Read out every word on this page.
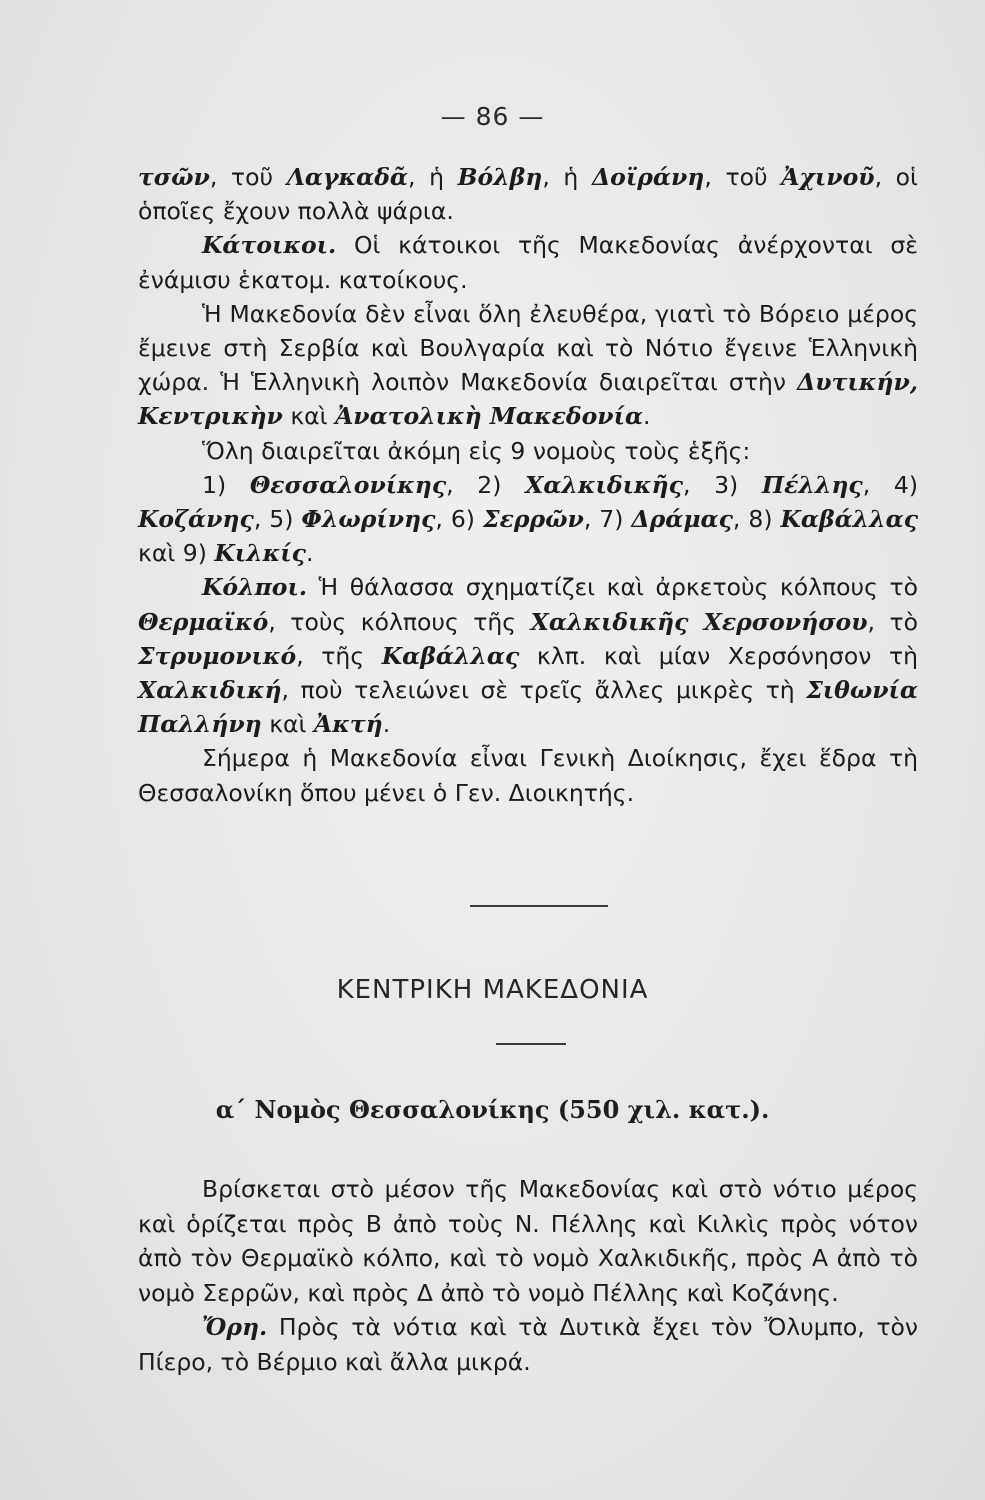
— 86 —

τσῶν, τοῦ Λαγκαδᾶ, ἡ Βόλβη, ἡ Δοϊράνη, τοῦ Ἀχινοῦ, οἱ ὁποῖες ἔχουν πολλὰ ψάρια.

Κάτοικοι. Οἱ κάτοικοι τῆς Μακεδονίας ἀνέρχονται σὲ ἐνάμισυ ἑκατομ. κατοίκους.

Ἡ Μακεδονία δὲν εἶναι ὅλη ἐλευθέρα, γιατὶ τὸ Βόρειο μέρος ἔμεινε στὴ Σερβία καὶ Βουλγαρία καὶ τὸ Νότιο ἔγεινε Ἑλληνικὴ χώρα. Ἡ Ἑλληνικὴ λοιπὸν Μακεδονία διαιρεῖται στὴν Δυτικήν, Κεντρικὴν καὶ Ἀνατολικὴ Μακεδονία.

Ὅλη διαιρεῖται ἀκόμη εἰς 9 νομοὺς τοὺς ἑξῆς:

1) Θεσσαλονίκης, 2) Χαλκιδικῆς, 3) Πέλλης, 4) Κοζάνης, 5) Φλωρίνης, 6) Σερρῶν, 7) Δράμας, 8) Καβάλλας καὶ 9) Κιλκίς.

Κόλποι. Ἡ θάλασσα σχηματίζει καὶ ἀρκετοὺς κόλπους τὸ Θερμαϊκό, τοὺς κόλπους τῆς Χαλκιδικῆς Χερσονήσου, τὸ Στρυμονικό, τῆς Καβάλλας κλπ. καὶ μίαν Χερσόνησον τὴ Χαλκιδική, ποὺ τελειώνει σὲ τρεῖς ἄλλες μικρὲς τὴ Σιθωνία Παλλήνη καὶ Ἀκτή.

Σήμερα ἡ Μακεδονία εἶναι Γενικὴ Διοίκησις, ἔχει ἕδρα τὴ Θεσσαλονίκη ὅπου μένει ὁ Γεν. Διοικητής.

ΚΕΝΤΡΙΚΗ ΜΑΚΕΔΟΝΙΑ
α΄ Νομὸς Θεσσαλονίκης (550 χιλ. κατ.).

Βρίσκεται στὸ μέσον τῆς Μακεδονίας καὶ στὸ νότιο μέρος καὶ ὁρίζεται πρὸς Β ἀπὸ τοὺς Ν. Πέλλης καὶ Κιλκὶς πρὸς νότον ἀπὸ τὸν Θερμαϊκὸ κόλπο, καὶ τὸ νομὸ Χαλκιδικῆς, πρὸς Α ἀπὸ τὸ νομὸ Σερρῶν, καὶ πρὸς Δ ἀπὸ τὸ νομὸ Πέλλης καὶ Κοζάνης.

Ὄρη. Πρὸς τὰ νότια καὶ τὰ Δυτικὰ ἔχει τὸν Ὄλυμπο, τὸν Πίερο, τὸ Βέρμιο καὶ ἄλλα μικρά.
